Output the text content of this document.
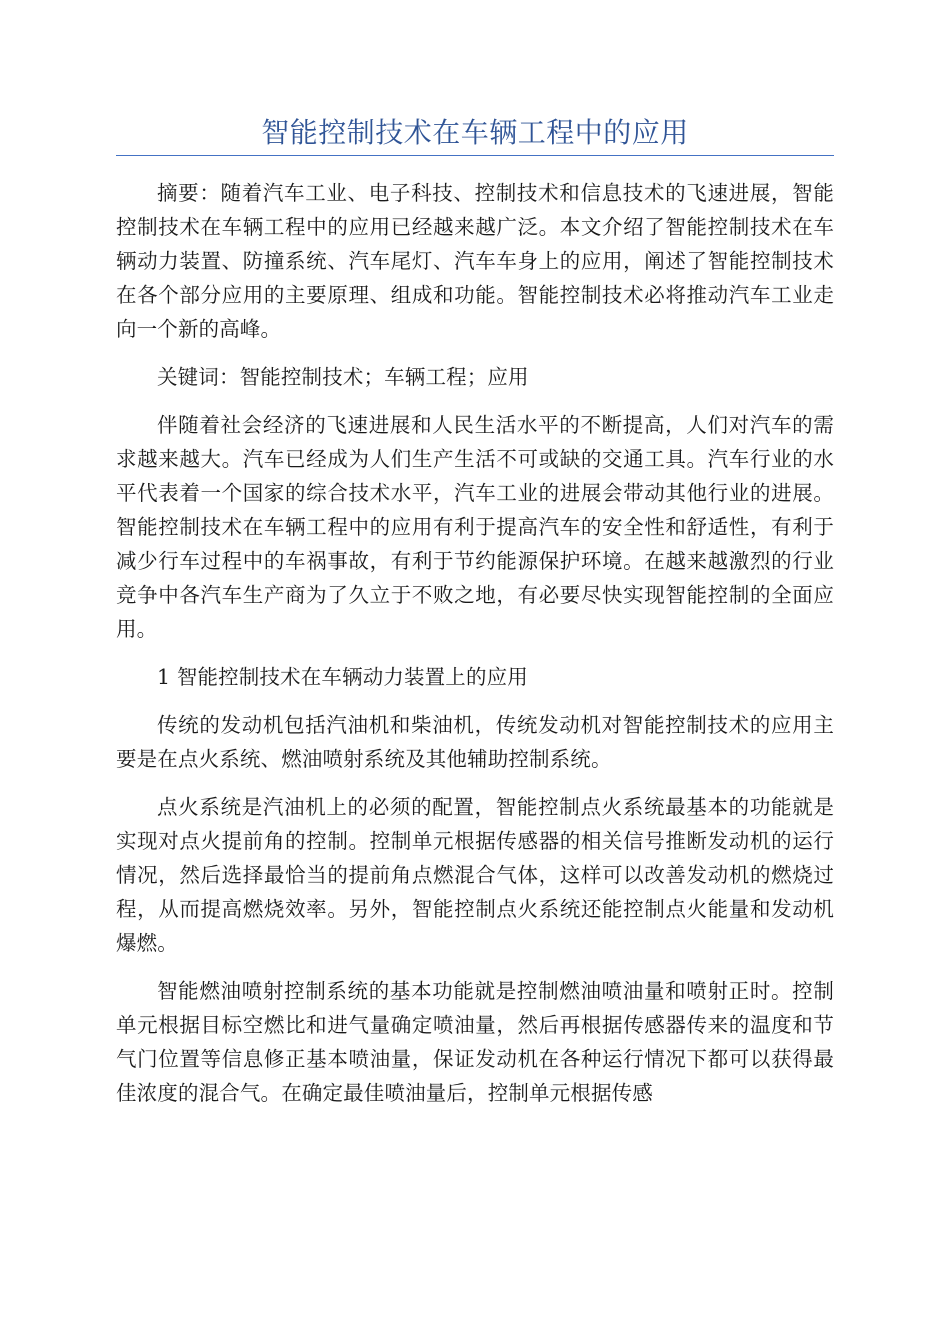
智能控制技术在车辆工程中的应用

摘要：随着汽车工业、电子科技、控制技术和信息技术的飞速进展，智能控制技术在车辆工程中的应用已经越来越广泛。本文介绍了智能控制技术在车辆动力装置、防撞系统、汽车尾灯、汽车车身上的应用，阐述了智能控制技术在各个部分应用的主要原理、组成和功能。智能控制技术必将推动汽车工业走向一个新的高峰。

关键词：智能控制技术；车辆工程；应用

伴随着社会经济的飞速进展和人民生活水平的不断提高，人们对汽车的需求越来越大。汽车已经成为人们生产生活不可或缺的交通工具。汽车行业的水平代表着一个国家的综合技术水平，汽车工业的进展会带动其他行业的进展。智能控制技术在车辆工程中的应用有利于提高汽车的安全性和舒适性，有利于减少行车过程中的车祸事故，有利于节约能源保护环境。在越来越激烈的行业竞争中各汽车生产商为了久立于不败之地，有必要尽快实现智能控制的全面应用。

1 智能控制技术在车辆动力装置上的应用

传统的发动机包括汽油机和柴油机，传统发动机对智能控制技术的应用主要是在点火系统、燃油喷射系统及其他辅助控制系统。

点火系统是汽油机上的必须的配置，智能控制点火系统最基本的功能就是实现对点火提前角的控制。控制单元根据传感器的相关信号推断发动机的运行情况，然后选择最恰当的提前角点燃混合气体，这样可以改善发动机的燃烧过程，从而提高燃烧效率。另外，智能控制点火系统还能控制点火能量和发动机爆燃。

智能燃油喷射控制系统的基本功能就是控制燃油喷油量和喷射正时。控制单元根据目标空燃比和进气量确定喷油量，然后再根据传感器传来的温度和节气门位置等信息修正基本喷油量，保证发动机在各种运行情况下都可以获得最佳浓度的混合气。在确定最佳喷油量后，控制单元根据传感
